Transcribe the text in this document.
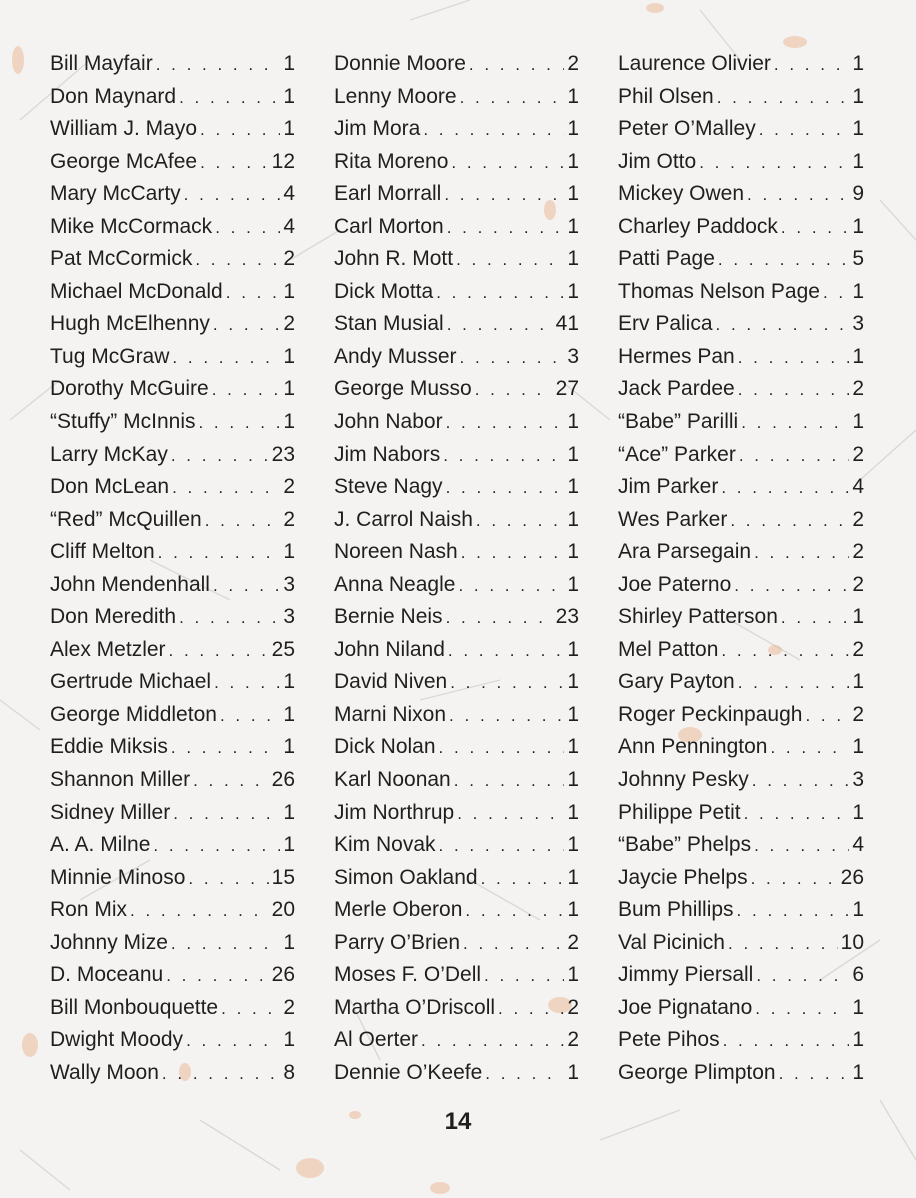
Bill Mayfair . . .	1
Don Maynard . . .	1
William J. Mayo . . .	1
George McAfee . . .	12
Mary McCarty . . .	4
Mike McCormack . . .	4
Pat McCormick . . .	2
Michael McDonald . . .	1
Hugh McElhenny . . .	2
Tug McGraw . . .	1
Dorothy McGuire . . .	1
“Stuffy” McInnis . . .	1
Larry McKay . . .	23
Don McLean . . .	2
“Red” McQuillen . . .	2
Cliff Melton . . .	1
John Mendenhall . . .	3
Don Meredith . . .	3
Alex Metzler . . .	25
Gertrude Michael . . .	1
George Middleton . . .	1
Eddie Miksis . . .	1
Shannon Miller . . .	26
Sidney Miller . . .	1
A. A. Milne . . .	1
Minnie Minoso . . .	15
Ron Mix . . .	20
Johnny Mize . . .	1
D. Moceanu . . .	26
Bill Monbouquette . . .	2
Dwight Moody . . .	1
Wally Moon . . .	8
Donnie Moore . . .	2
Lenny Moore . . .	1
Jim Mora . . .	1
Rita Moreno . . .	1
Earl Morrall . . .	1
Carl Morton . . .	1
John R. Mott . . .	1
Dick Motta . . .	1
Stan Musial . . .	41
Andy Musser . . .	3
George Musso . . .	27
John Nabor . . .	1
Jim Nabors . . .	1
Steve Nagy . . .	1
J. Carrol Naish . . .	1
Noreen Nash . . .	1
Anna Neagle . . .	1
Bernie Neis . . .	23
John Niland . . .	1
David Niven . . .	1
Marni Nixon . . .	1
Dick Nolan . . .	1
Karl Noonan . . .	1
Jim Northrup . . .	1
Kim Novak . . .	1
Simon Oakland . . .	1
Merle Oberon . . .	1
Parry O’Brien . . .	2
Moses F. O’Dell . . .	1
Martha O’Driscoll . . .	2
Al Oerter . . .	2
Dennie O’Keefe . . .	1
Laurence Olivier . . .	1
Phil Olsen . . .	1
Peter O’Malley . . .	1
Jim Otto . . .	1
Mickey Owen . . .	9
Charley Paddock . . .	1
Patti Page . . .	5
Thomas Nelson Page . . . 1
Erv Palica . . .	3
Hermes Pan . . .	1
Jack Pardee . . .	2
“Babe” Parilli . . .	1
“Ace” Parker . . .	2
Jim Parker . . .	4
Wes Parker . . .	2
Ara Parsegain . . .	2
Joe Paterno . . .	2
Shirley Patterson . . .	1
Mel Patton . . .	2
Gary Payton . . .	1
Roger Peckinpaugh . . . 2
Ann Pennington . . .	1
Johnny Pesky . . .	3
Philippe Petit . . .	1
“Babe” Phelps . . .	4
Jaycie Phelps . . .	26
Bum Phillips . . .	1
Val Picinich . . .	10
Jimmy Piersall . . .	6
Joe Pignatano . . .	1
Pete Pihos . . .	1
George Plimpton . . .	1
14
